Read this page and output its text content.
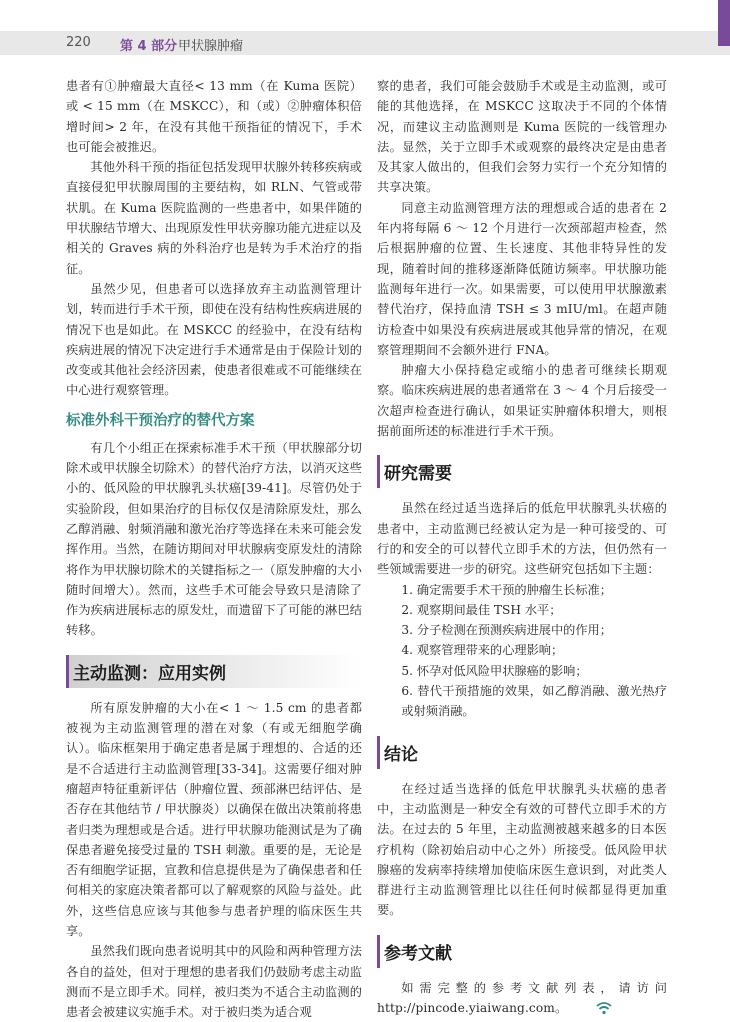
220 第 4 部分 甲状腺肿瘤

患者有①肿瘤最大直径< 13 mm（在 Kuma 医院）或 < 15 mm（在 MSKCC），和（或）②肿瘤体积倍增时间> 2 年，在没有其他干预指征的情况下，手术也可能会被推迟。

其他外科干预的指征包括发现甲状腺外转移疾病或直接侵犯甲状腺周围的主要结构，如 RLN、气管或带状肌。在 Kuma 医院监测的一些患者中，如果伴随的甲状腺结节增大、出现原发性甲状旁腺功能亢进症以及相关的 Graves 病的外科治疗也是转为手术治疗的指征。

虽然少见，但患者可以选择放弃主动监测管理计划，转而进行手术干预，即使在没有结构性疾病进展的情况下也是如此。在 MSKCC 的经验中，在没有结构疾病进展的情况下决定进行手术通常是由于保险计划的改变或其他社会经济因素，使患者很难或不可能继续在中心进行观察管理。

标准外科干预治疗的替代方案

有几个小组正在探索标准手术干预（甲状腺部分切除术或甲状腺全切除术）的替代治疗方法，以消灭这些小的、低风险的甲状腺乳头状癌[39-41]。尽管仍处于实验阶段，但如果治疗的目标仅仅是清除原发灶，那么乙醇消融、射频消融和激光治疗等选择在未来可能会发挥作用。当然，在随访期间对甲状腺病变原发灶的清除将作为甲状腺切除术的关键指标之一（原发肿瘤的大小随时间增大）。然而，这些手术可能会导致只是清除了作为疾病进展标志的原发灶，而遗留下了可能的淋巴结转移。

主动监测：应用实例

所有原发肿瘤的大小在< 1 ～ 1.5 cm 的患者都被视为主动监测管理的潜在对象（有或无细胞学确认）。临床框架用于确定患者是属于理想的、合适的还是不合适进行主动监测管理[33-34]。这需要仔细对肿瘤超声特征重新评估（肿瘤位置、颈部淋巴结评估、是否存在其他结节 / 甲状腺炎）以确保在做出决策前将患者归类为理想或是合适。进行甲状腺功能测试是为了确保患者避免接受过量的 TSH 刺激。重要的是，无论是否有细胞学证据，宣教和信息提供是为了确保患者和任何相关的家庭决策者都可以了解观察的风险与益处。此外，这些信息应该与其他参与患者护理的临床医生共享。

虽然我们既向患者说明其中的风险和两种管理方法各自的益处，但对于理想的患者我们仍鼓励考虑主动监测而不是立即手术。同样，被归类为不适合主动监测的患者会被建议实施手术。对于被归类为适合观

察的患者，我们可能会鼓励手术或是主动监测，或可能的其他选择，在 MSKCC 这取决于不同的个体情况，而建议主动监测则是 Kuma 医院的一线管理办法。显然，关于立即手术或观察的最终决定是由患者及其家人做出的，但我们会努力实行一个充分知情的共享决策。

同意主动监测管理方法的理想或合适的患者在 2 年内将每隔 6 ～ 12 个月进行一次颈部超声检查，然后根据肿瘤的位置、生长速度、其他非特异性的发现，随着时间的推移逐渐降低随访频率。甲状腺功能监测每年进行一次。如果需要，可以使用甲状腺激素替代治疗，保持血清 TSH ≤ 3 mIU/ml。在超声随访检查中如果没有疾病进展或其他异常的情况，在观察管理期间不会额外进行 FNA。

肿瘤大小保持稳定或缩小的患者可继续长期观察。临床疾病进展的患者通常在 3 ～ 4 个月后接受一次超声检查进行确认，如果证实肿瘤体积增大，则根据前面所述的标准进行手术干预。

研究需要

虽然在经过适当选择后的低危甲状腺乳头状癌的患者中，主动监测已经被认定为是一种可接受的、可行的和安全的可以替代立即手术的方法，但仍然有一些领域需要进一步的研究。这些研究包括如下主题：

1. 确定需要手术干预的肿瘤生长标准；
2. 观察期间最佳 TSH 水平；
3. 分子检测在预测疾病进展中的作用；
4. 观察管理带来的心理影响；
5. 怀孕对低风险甲状腺癌的影响；
6. 替代干预措施的效果，如乙醇消融、激光热疗或射频消融。
结论

在经过适当选择的低危甲状腺乳头状癌的患者中，主动监测是一种安全有效的可替代立即手术的方法。在过去的 5 年里，主动监测被越来越多的日本医疗机构（除初始启动中心之外）所接受。低风险甲状腺癌的发病率持续增加使临床医生意识到，对此类人群进行主动监测管理比以往任何时候都显得更加重要。

参考文献

如需完整的参考文献列表，请访问 http://pincode.yiaiwang.com。
